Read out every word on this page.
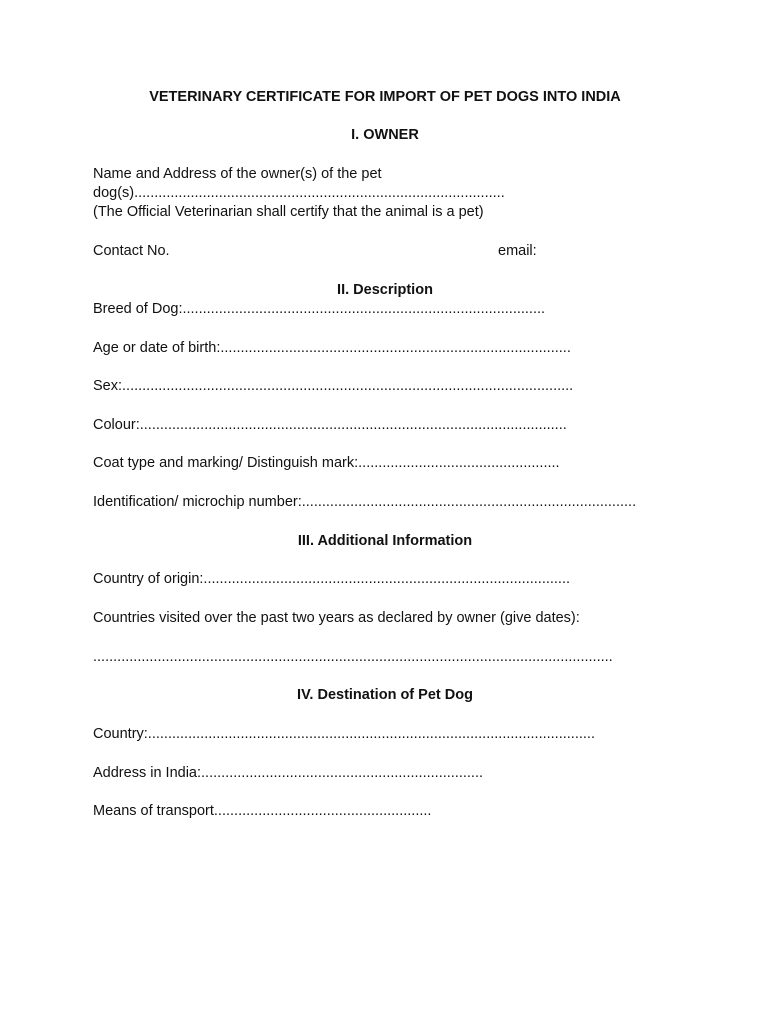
VETERINARY CERTIFICATE FOR IMPORT OF PET DOGS INTO INDIA

I. OWNER

Name and Address of the owner(s) of the pet

dog(s)............................................................................................

(The Official Veterinarian shall certify that the animal is a pet)

Contact No.	email:

II. Description

Breed of Dog:..........................................................................................

Age or date of birth:.......................................................................................

Sex:................................................................................................................

Colour:..........................................................................................................

Coat type and marking/ Distinguish mark:..................................................

Identification/ microchip number:...................................................................................

III. Additional Information

Country of origin:...........................................................................................

Countries visited over the past two years as declared by owner (give dates):

.................................................................................................................................

IV. Destination of Pet Dog

Country:...............................................................................................................

Address in India:......................................................................

Means of transport......................................................
